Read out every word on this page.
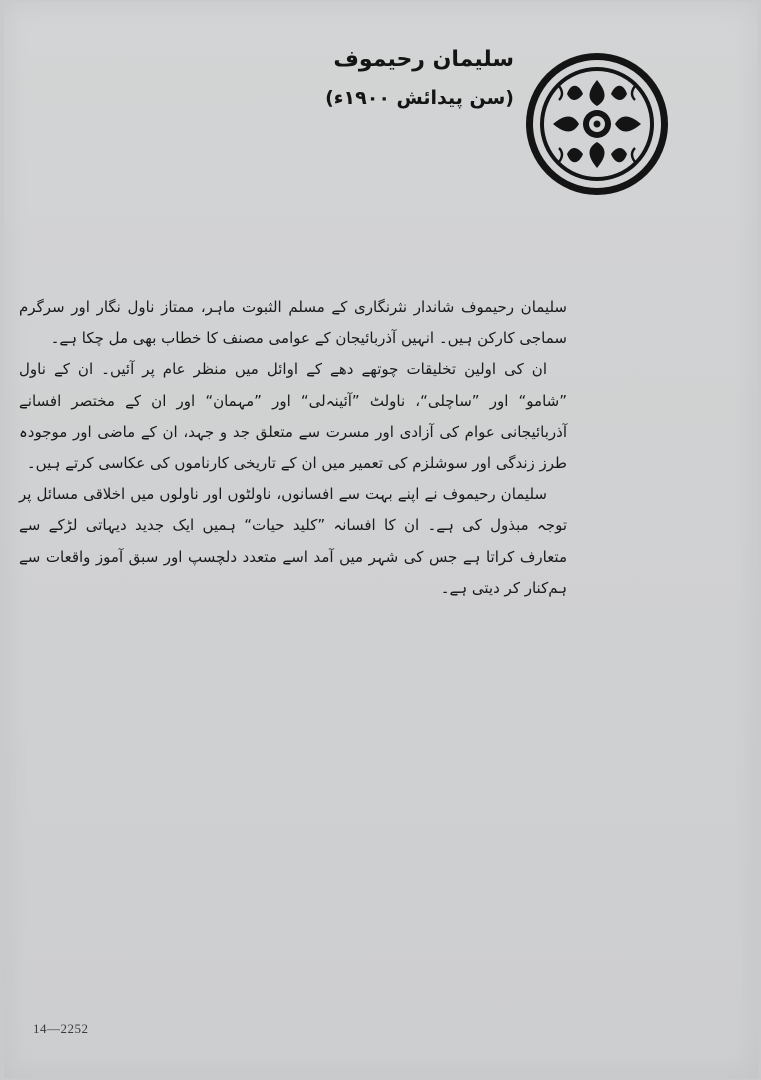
سلیمان رحیموف
(سن پیدائش ۱۹۰۰ء)

سلیمان رحیموف شاندار نثرنگاری کے مسلم الثبوت ماہر، ممتاز ناول نگار اور سرگرم سماجی کارکن ہیں۔ انہیں آذربائیجان کے عوامی مصنف کا خطاب بھی مل چکا ہے۔

ان کی اولین تخلیقات چوتھے دھے کے اوائل میں منظر عام پر آئیں۔ ان کے ناول ”شامو“ اور ”ساچلی“، ناولٹ ”آئینہ‌لی“ اور ”مہمان“ اور ان کے مختصر افسانے آذربائیجانی عوام کی آزادی اور مسرت سے متعلق جد و جہد، ان کے ماضی اور موجودہ طرز زندگی اور سوشلزم کی تعمیر میں ان کے تاریخی کارناموں کی عکاسی کرتے ہیں۔

سلیمان رحیموف نے اپنے بہت سے افسانوں، ناولٹوں اور ناولوں میں اخلاقی مسائل پر توجہ مبذول کی ہے۔ ان کا افسانہ ”کلید حیات“ ہمیں ایک جدید دیہاتی لڑکے سے متعارف کراتا ہے جس کی شہر میں آمد اسے متعدد دلچسپ اور سبق آموز واقعات سے ہم‌کنار کر دیتی ہے۔

14—2252
